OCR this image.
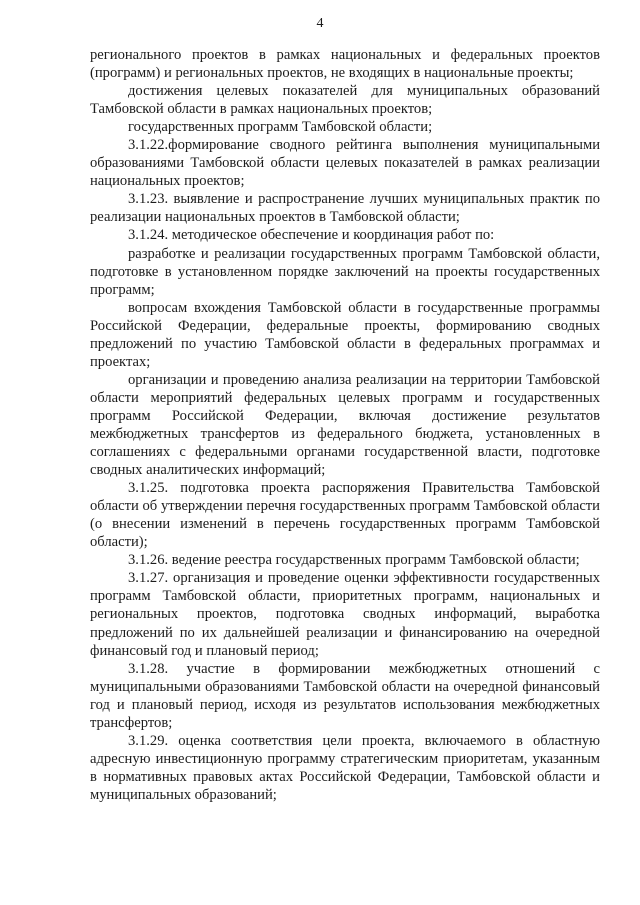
4

регионального проектов в рамках национальных и федеральных проектов (программ) и региональных проектов, не входящих в национальные проекты;

достижения целевых показателей для муниципальных образований Тамбовской области в рамках национальных проектов;

государственных программ Тамбовской области;

3.1.22.формирование сводного рейтинга выполнения муниципальными образованиями Тамбовской области целевых показателей в рамках реализации национальных проектов;

3.1.23. выявление и распространение лучших муниципальных практик по реализации национальных проектов в Тамбовской области;

3.1.24. методическое обеспечение и координация работ по:

разработке и реализации государственных программ Тамбовской области, подготовке в установленном порядке заключений на проекты государственных программ;

вопросам вхождения Тамбовской области в государственные программы Российской Федерации, федеральные проекты, формированию сводных предложений по участию Тамбовской области в федеральных программах и проектах;

организации и проведению анализа реализации на территории Тамбовской области мероприятий федеральных целевых программ и государственных программ Российской Федерации, включая достижение результатов межбюджетных трансфертов из федерального бюджета, установленных в соглашениях с федеральными органами государственной власти, подготовке сводных аналитических информаций;

3.1.25. подготовка проекта распоряжения Правительства Тамбовской области об утверждении перечня государственных программ Тамбовской области (о внесении изменений в перечень государственных программ Тамбовской области);

3.1.26. ведение реестра государственных программ Тамбовской области;

3.1.27. организация и проведение оценки эффективности государственных программ Тамбовской области, приоритетных программ, национальных и региональных проектов, подготовка сводных информаций, выработка предложений по их дальнейшей реализации и финансированию на очередной финансовый год и плановый период;

3.1.28. участие в формировании межбюджетных отношений с муниципальными образованиями Тамбовской области на очередной финансовый год и плановый период, исходя из результатов использования межбюджетных трансфертов;

3.1.29. оценка соответствия цели проекта, включаемого в областную адресную инвестиционную программу стратегическим приоритетам, указанным в нормативных правовых актах Российской Федерации, Тамбовской области и муниципальных образований;
